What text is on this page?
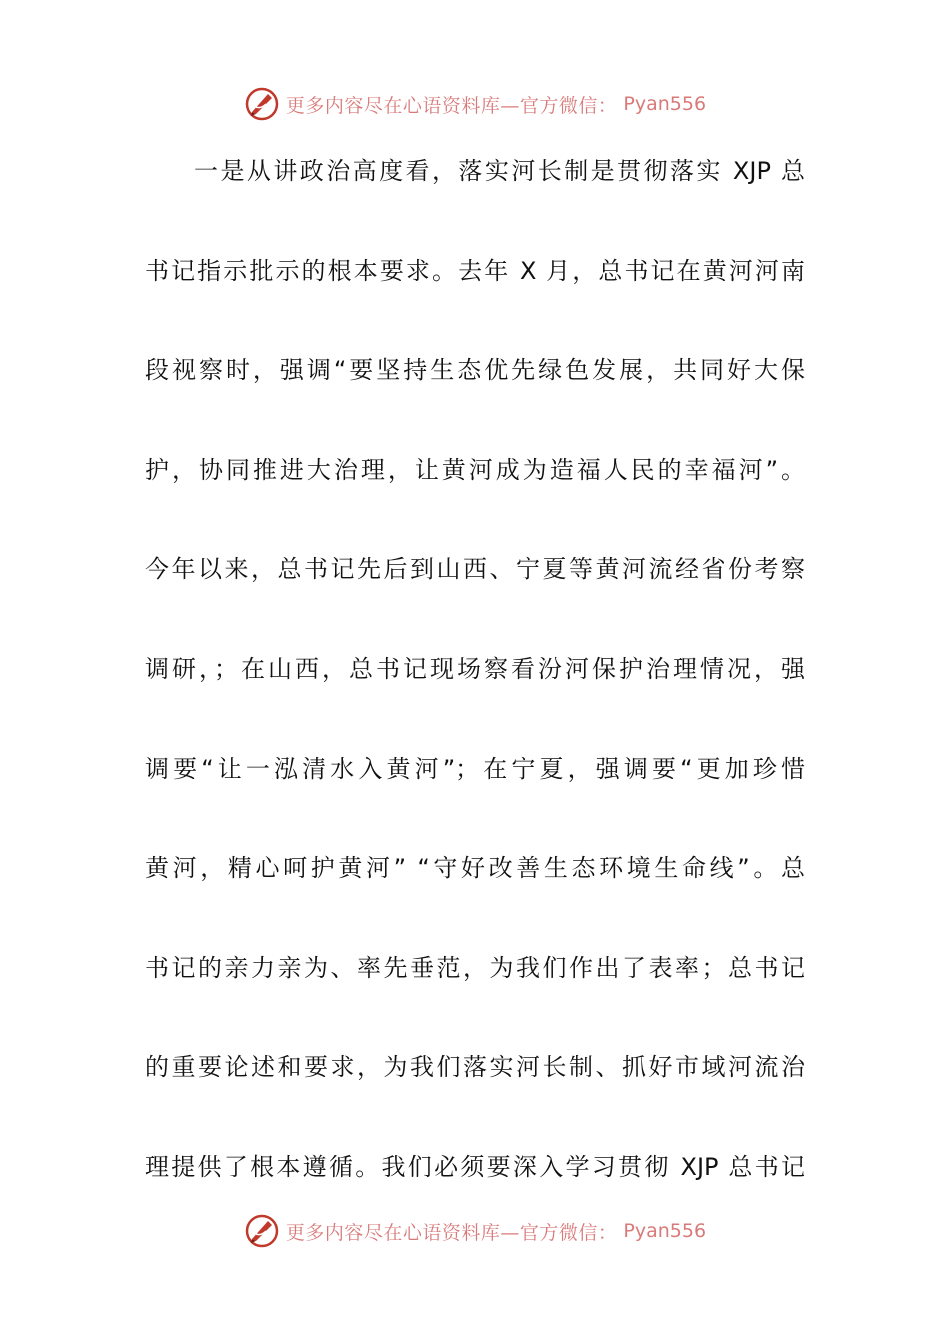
更多内容尽在心语资料库—官方微信： Pyan556
一是从讲政治高度看，落实河长制是贯彻落实 XJP 总
书记指示批示的根本要求。去年 X 月，总书记在黄河河南
段视察时，强调“要坚持生态优先绿色发展，共同好大保
护，协同推进大治理，让黄河成为造福人民的幸福河”。
今年以来，总书记先后到山西、宁夏等黄河流经省份考察
调研，；在山西，总书记现场察看汾河保护治理情况，强
调要“让一泓清水入黄河”；在宁夏，强调要“更加珍惜
黄河，精心呵护黄河” “守好改善生态环境生命线”。总
书记的亲力亲为、率先垂范，为我们作出了表率；总书记
的重要论述和要求，为我们落实河长制、抓好市域河流治
理提供了根本遵循。我们必须要深入学习贯彻 XJP 总书记
更多内容尽在心语资料库—官方微信： Pyan556
